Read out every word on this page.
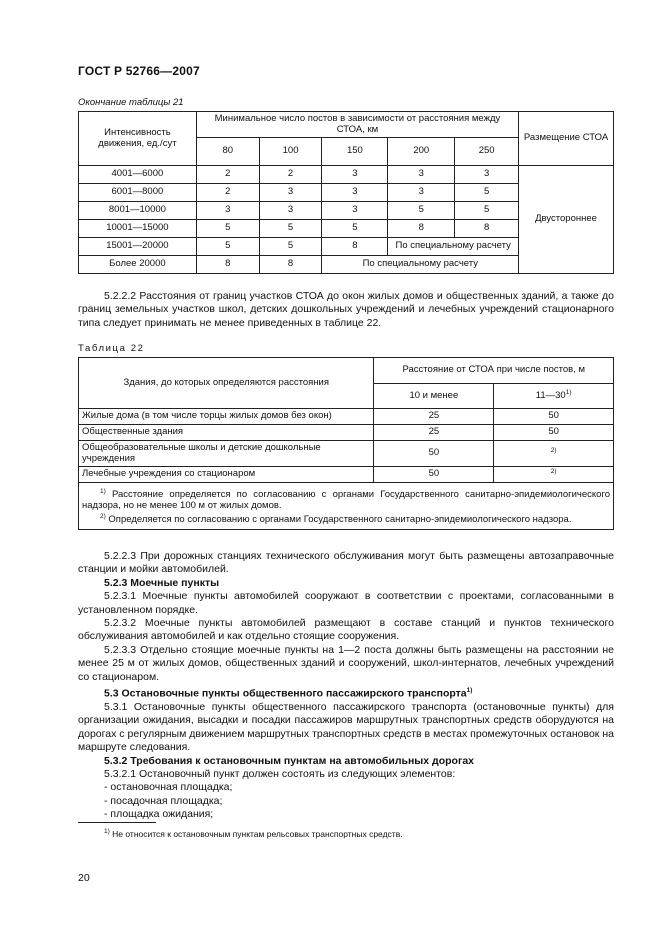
ГОСТ Р 52766—2007
Окончание таблицы 21
Интенсивность движения, ед./сут	Минимальное число постов в зависимости от расстояния между СТОА, км					Размещение СТОА
	80	100	150	200	250	
4001—6000	2	2	3	3	3	Двустороннее
6001—8000	2	3	3	3	5	
8001—10000	3	3	3	5	5	
10001—15000	5	5	5	8	8	
15001—20000	5	5	8	По специальному расчету		
Более 20000	8	8	По специальному расчету			
5.2.2.2 Расстояния от границ участков СТОА до окон жилых домов и общественных зданий, а также до границ земельных участков школ, детских дошкольных учреждений и лечебных учреждений стационарного типа следует принимать не менее приведенных в таблице 22.
Таблица 22
Здания, до которых определяются расстояния	Расстояние от СТОА при числе постов, м	
	10 и менее	11—30$^{1)}$
Жилые дома (в том числе торцы жилых домов без окон)	25	50
Общественные здания	25	50
Общеобразовательные школы и детские дошкольные учреждения	50	$^{2)}$
Лечебные учреждения со стационаром	50	$^{2)}$

$^{1)}$ Расстояние определяется по согласованию с органами Государственного санитарно-эпидемиологического надзора, но не менее 100 м от жилых домов.
$^{2)}$ Определяется по согласованию с органами Государственного санитарно-эпидемиологического надзора.		
5.2.2.3 При дорожных станциях технического обслуживания могут быть размещены автозаправочные станции и мойки автомобилей.
5.2.3 Моечные пункты
5.2.3.1 Моечные пункты автомобилей сооружают в соответствии с проектами, согласованными в установленном порядке.
5.2.3.2 Моечные пункты автомобилей размещают в составе станций и пунктов технического обслуживания автомобилей и как отдельно стоящие сооружения.
5.2.3.3 Отдельно стоящие моечные пункты на 1—2 поста должны быть размещены на расстоянии не менее 25 м от жилых домов, общественных зданий и сооружений, школ-интернатов, лечебных учреждений со стационаром.
5.3 Остановочные пункты общественного пассажирского транспорта$^{1)}$
5.3.1 Остановочные пункты общественного пассажирского транспорта (остановочные пункты) для организации ожидания, высадки и посадки пассажиров маршрутных транспортных средств оборудуются на дорогах с регулярным движением маршрутных транспортных средств в местах промежуточных остановок на маршруте следования.
5.3.2 Требования к остановочным пунктам на автомобильных дорогах
5.3.2.1 Остановочный пункт должен состоять из следующих элементов:
- остановочная площадка;
- посадочная площадка;
- площадка ожидания;
$^{1)}$ Не относится к остановочным пунктам рельсовых транспортных средств.
20
